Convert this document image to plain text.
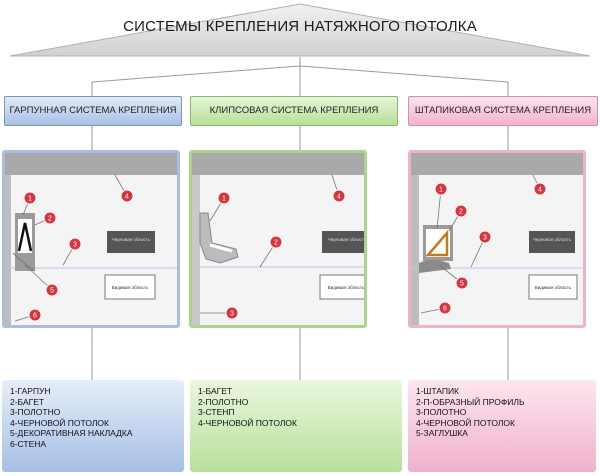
СИСТЕМЫ КРЕПЛЕНИЯ НАТЯЖНОГО ПОТОЛКА
ГАРПУННАЯ СИСТЕМА КРЕПЛЕНИЯ	КЛИПСОВАЯ СИСТЕМА КРЕПЛЕНИЯ	ШТАПИКОВАЯ СИСТЕМА КРЕПЛЕНИЯ
1
2
3
4
5
6
Черновая облость
Видимая область
1
2
3
4
Черновая облость
Видимая область
1
2
3
4
5
6
Черновая облость
Видимая область
1-ГАРПУН
2-БАГЕТ
3-ПОЛОТНО
4-ЧЕРНОВОЙ ПОТОЛОК
5-ДЕКОРАТИВНАЯ НАКЛАДКА
6-СТЕНА
1-БАГЕТ
2-ПОЛОТНО
3-СТЕНП
4-ЧЕРНОВОЙ ПОТОЛОК
1-ШТАПИК
2-П-ОБРАЗНЫЙ ПРОФИЛЬ
3-ПОЛОТНО
4-ЧЕРНОВОЙ ПОТОЛОК
5-ЗАГЛУШКА
